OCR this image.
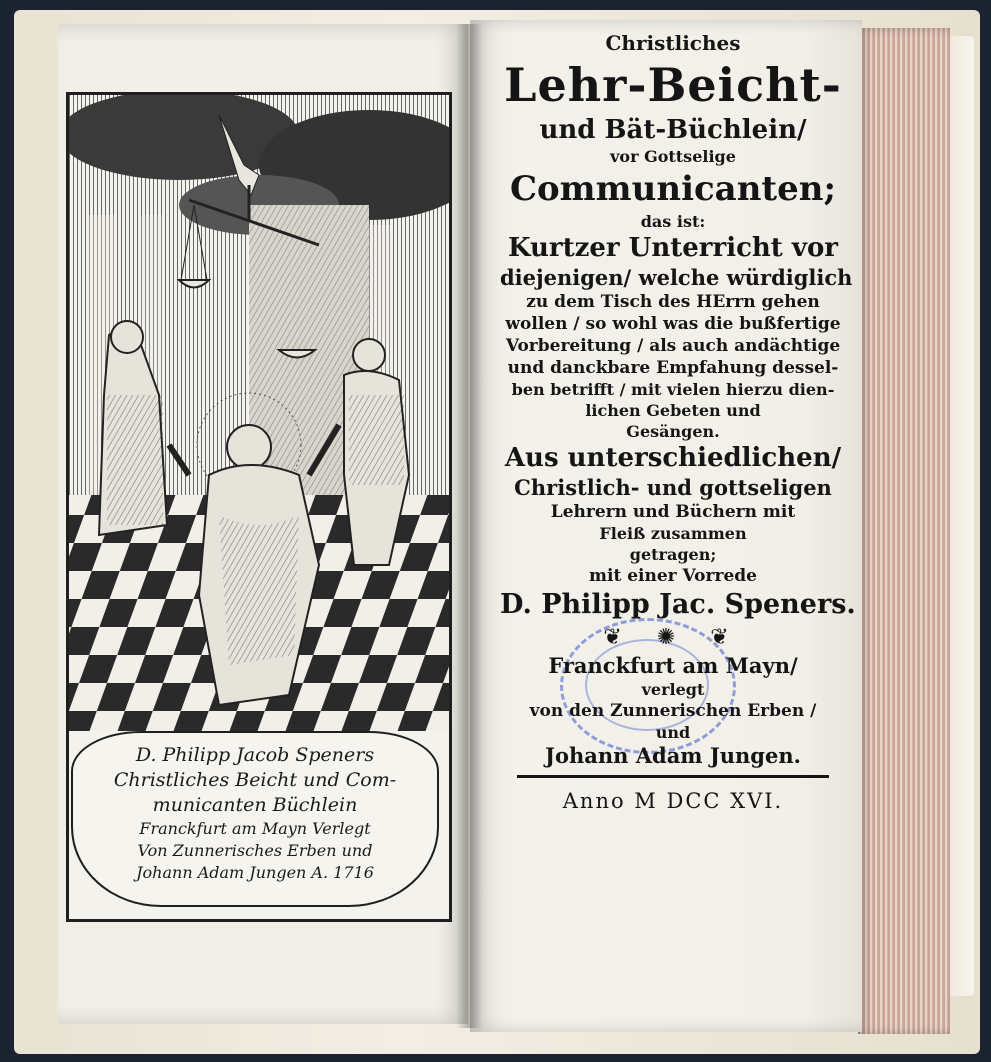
D. Philipp Jacob Speners
Christliches Beicht und Com-
municanten Büchlein
Franckfurt am Mayn Verlegt
Von Zunnerisches Erben und
Johann Adam Jungen A. 1716
Christliches
Lehr-Beicht-
und Bät-Büchlein/
vor Gottselige
Communicanten;
das ist:
Kurtzer Unterricht vor
diejenigen/ welche würdiglich
zu dem Tisch des HErrn gehen
wollen / so wohl was die bußfertige
Vorbereitung / als auch andächtige
und danckbare Empfahung dessel-
ben betrifft / mit vielen hierzu dien-
lichen Gebeten und
Gesängen.
Aus unterschiedlichen/
Christlich- und gottseligen
Lehrern und Büchern mit
Fleiß zusammen
getragen;
mit einer Vorrede
D. Philipp Jac. Speners.
❦ ✺ ❦
Franckfurt am Mayn/
verlegt
von den Zunnerischen Erben /
und
Johann Adam Jungen.
Anno M DCC XVI.
